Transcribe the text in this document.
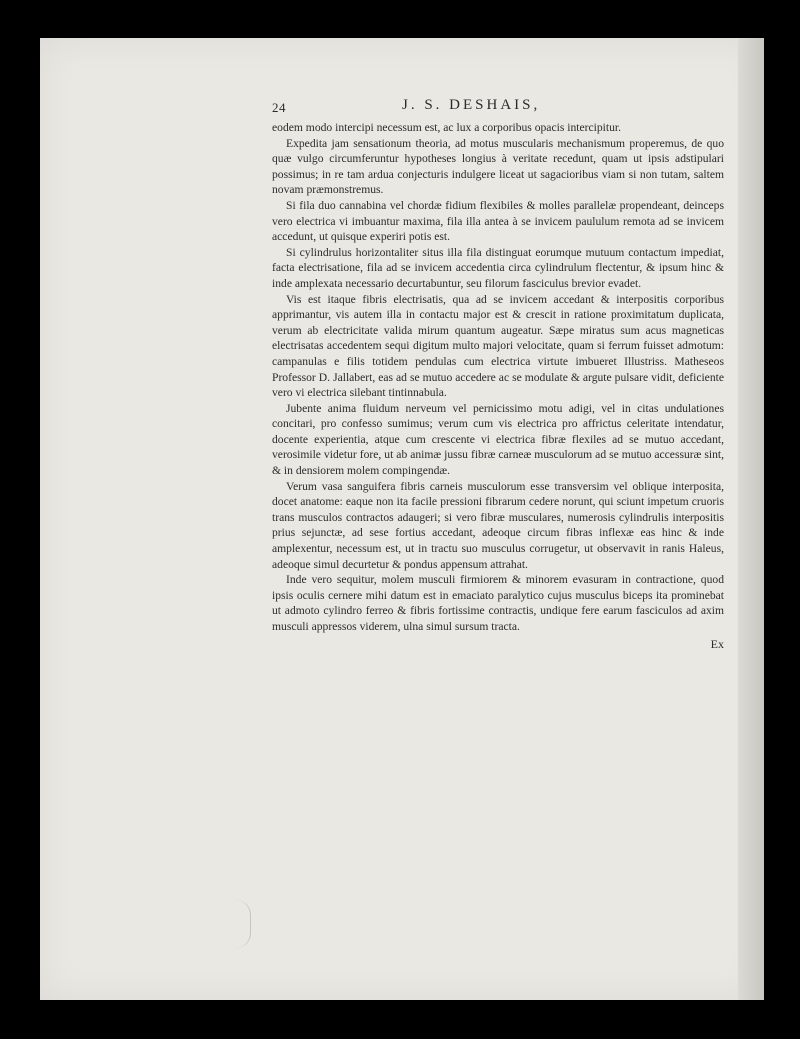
24	J. S. DESHAIS,

eodem modo intercipi necessum est, ac lux a corporibus opacis intercipitur.

Expedita jam sensationum theoria, ad motus muscularis mechanismum properemus, de quo quæ vulgo circumferuntur hypotheses longius à veritate recedunt, quam ut ipsis adstipulari possimus; in re tam ardua conjecturis indulgere liceat ut sagacioribus viam si non tutam, saltem novam præmonstremus.

Si fila duo cannabina vel chordæ fidium flexibiles & molles parallelæ propendeant, deinceps vero electrica vi imbuantur maxima, fila illa antea à se invicem paululum remota ad se invicem accedunt, ut quisque experiri potis est.

Si cylindrulus horizontaliter situs illa fila distinguat eorumque mutuum contactum impediat, facta electrisatione, fila ad se invicem accedentia circa cylindrulum flectentur, & ipsum hinc & inde amplexata necessario decurtabuntur, seu filorum fasciculus brevior evadet.

Vis est itaque fibris electrisatis, qua ad se invicem accedant & interpositis corporibus apprimantur, vis autem illa in contactu major est & crescit in ratione proximitatum duplicata, verum ab electricitate valida mirum quantum augeatur. Sæpe miratus sum acus magneticas electrisatas accedentem sequi digitum multo majori velocitate, quam si ferrum fuisset admotum: campanulas e filis totidem pendulas cum electrica virtute imbueret Illustriss. Matheseos Professor D. Jallabert, eas ad se mutuo accedere ac se modulate & argute pulsare vidit, deficiente vero vi electrica silebant tintinnabula.

Jubente anima fluidum nerveum vel pernicissimo motu adigi, vel in citas undulationes concitari, pro confesso sumimus; verum cum vis electrica pro affrictus celeritate intendatur, docente experientia, atque cum crescente vi electrica fibræ flexiles ad se mutuo accedant, verosimile videtur fore, ut ab animæ jussu fibræ carneæ musculorum ad se mutuo accessuræ sint, & in densiorem molem compingendæ.

Verum vasa sanguifera fibris carneis musculorum esse transversim vel oblique interposita, docet anatome: eaque non ita facile pressioni fibrarum cedere norunt, qui sciunt impetum cruoris trans musculos contractos adaugeri; si vero fibræ musculares, numerosis cylindrulis interpositis prius sejunctæ, ad sese fortius accedant, adeoque circum fibras inflexæ eas hinc & inde amplexentur, necessum est, ut in tractu suo musculus corrugetur, ut observavit in ranis Haleus, adeoque simul decurtetur & pondus appensum attrahat.

Inde vero sequitur, molem musculi firmiorem & minorem evasuram in contractione, quod ipsis oculis cernere mihi datum est in emaciato paralytico cujus musculus biceps ita prominebat ut admoto cylindro ferreo & fibris fortissime contractis, undique fere earum fasciculos ad axim musculi appressos viderem, ulna simul sursum tracta.

Ex
